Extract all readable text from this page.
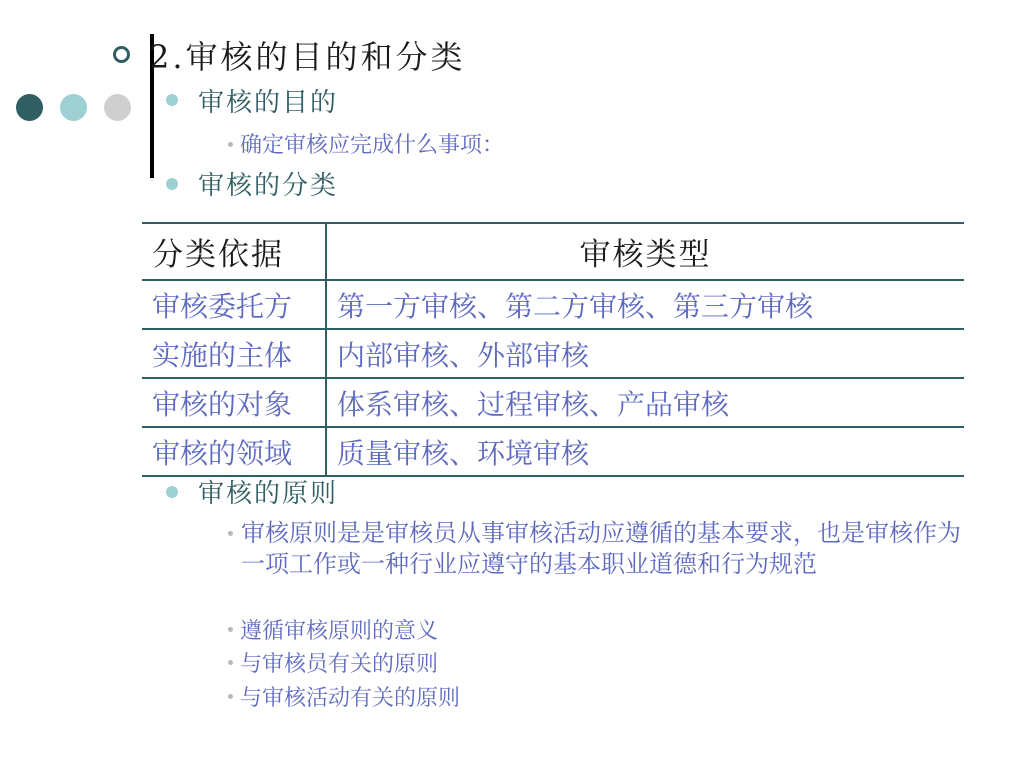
2.审核的目的和分类
审核的目的
确定审核应完成什么事项：
审核的分类
分类依据	审核类型
审核委托方	第一方审核、第二方审核、第三方审核
实施的主体	内部审核、外部审核
审核的对象	体系审核、过程审核、产品审核
审核的领域	质量审核、环境审核
审核的原则
审核原则是是审核员从事审核活动应遵循的基本要求，也是审核作为一项工作或一种行业应遵守的基本职业道德和行为规范
遵循审核原则的意义
与审核员有关的原则
与审核活动有关的原则
